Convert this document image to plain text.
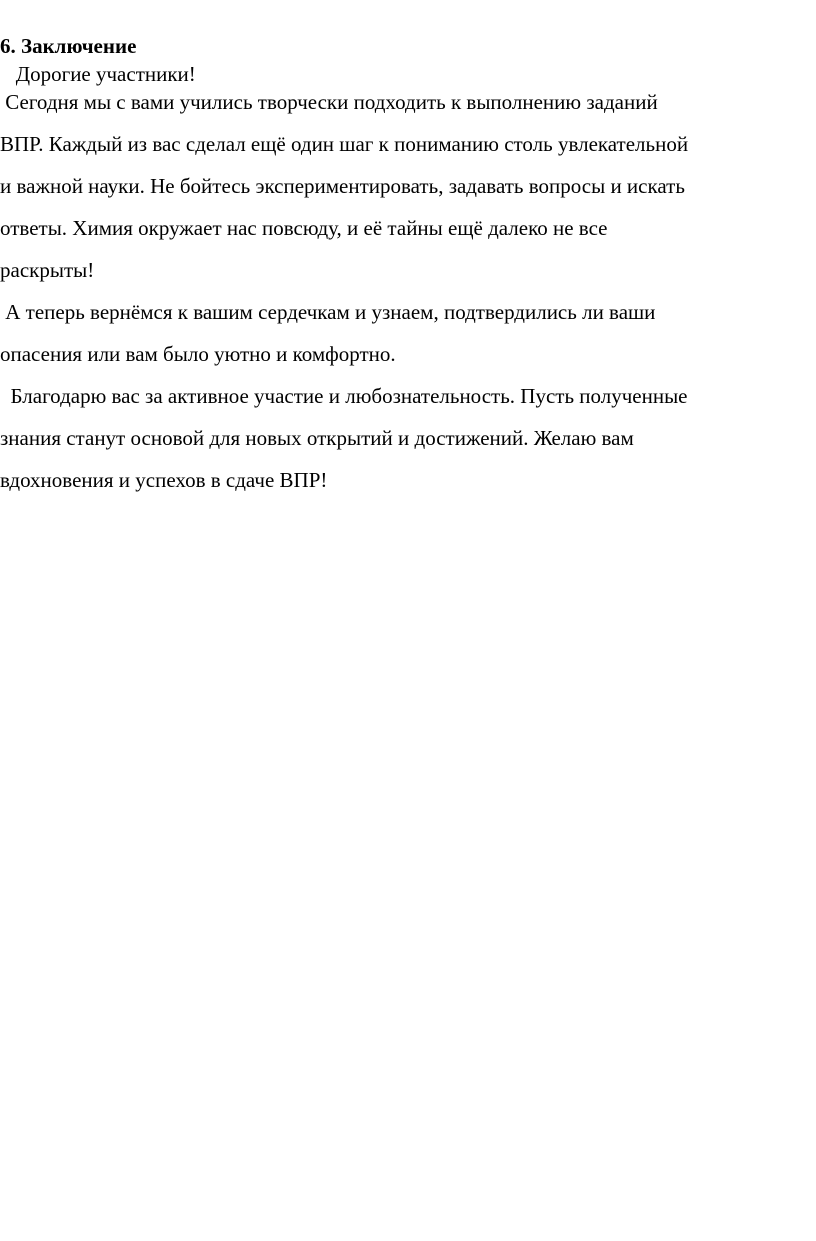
6. Заключение

Дорогие участники!

Сегодня мы с вами учились творчески подходить к выполнению заданий

ВПР. Каждый из вас сделал ещё один шаг к пониманию столь увлекательной

и важной науки. Не бойтесь экспериментировать, задавать вопросы и искать

ответы. Химия окружает нас повсюду, и её тайны ещё далеко не все

раскрыты!

А теперь вернёмся к вашим сердечкам и узнаем, подтвердились ли ваши

опасения или вам было уютно и комфортно.

Благодарю вас за активное участие и любознательность. Пусть полученные

знания станут основой для новых открытий и достижений. Желаю вам

вдохновения и успехов в сдаче ВПР!
